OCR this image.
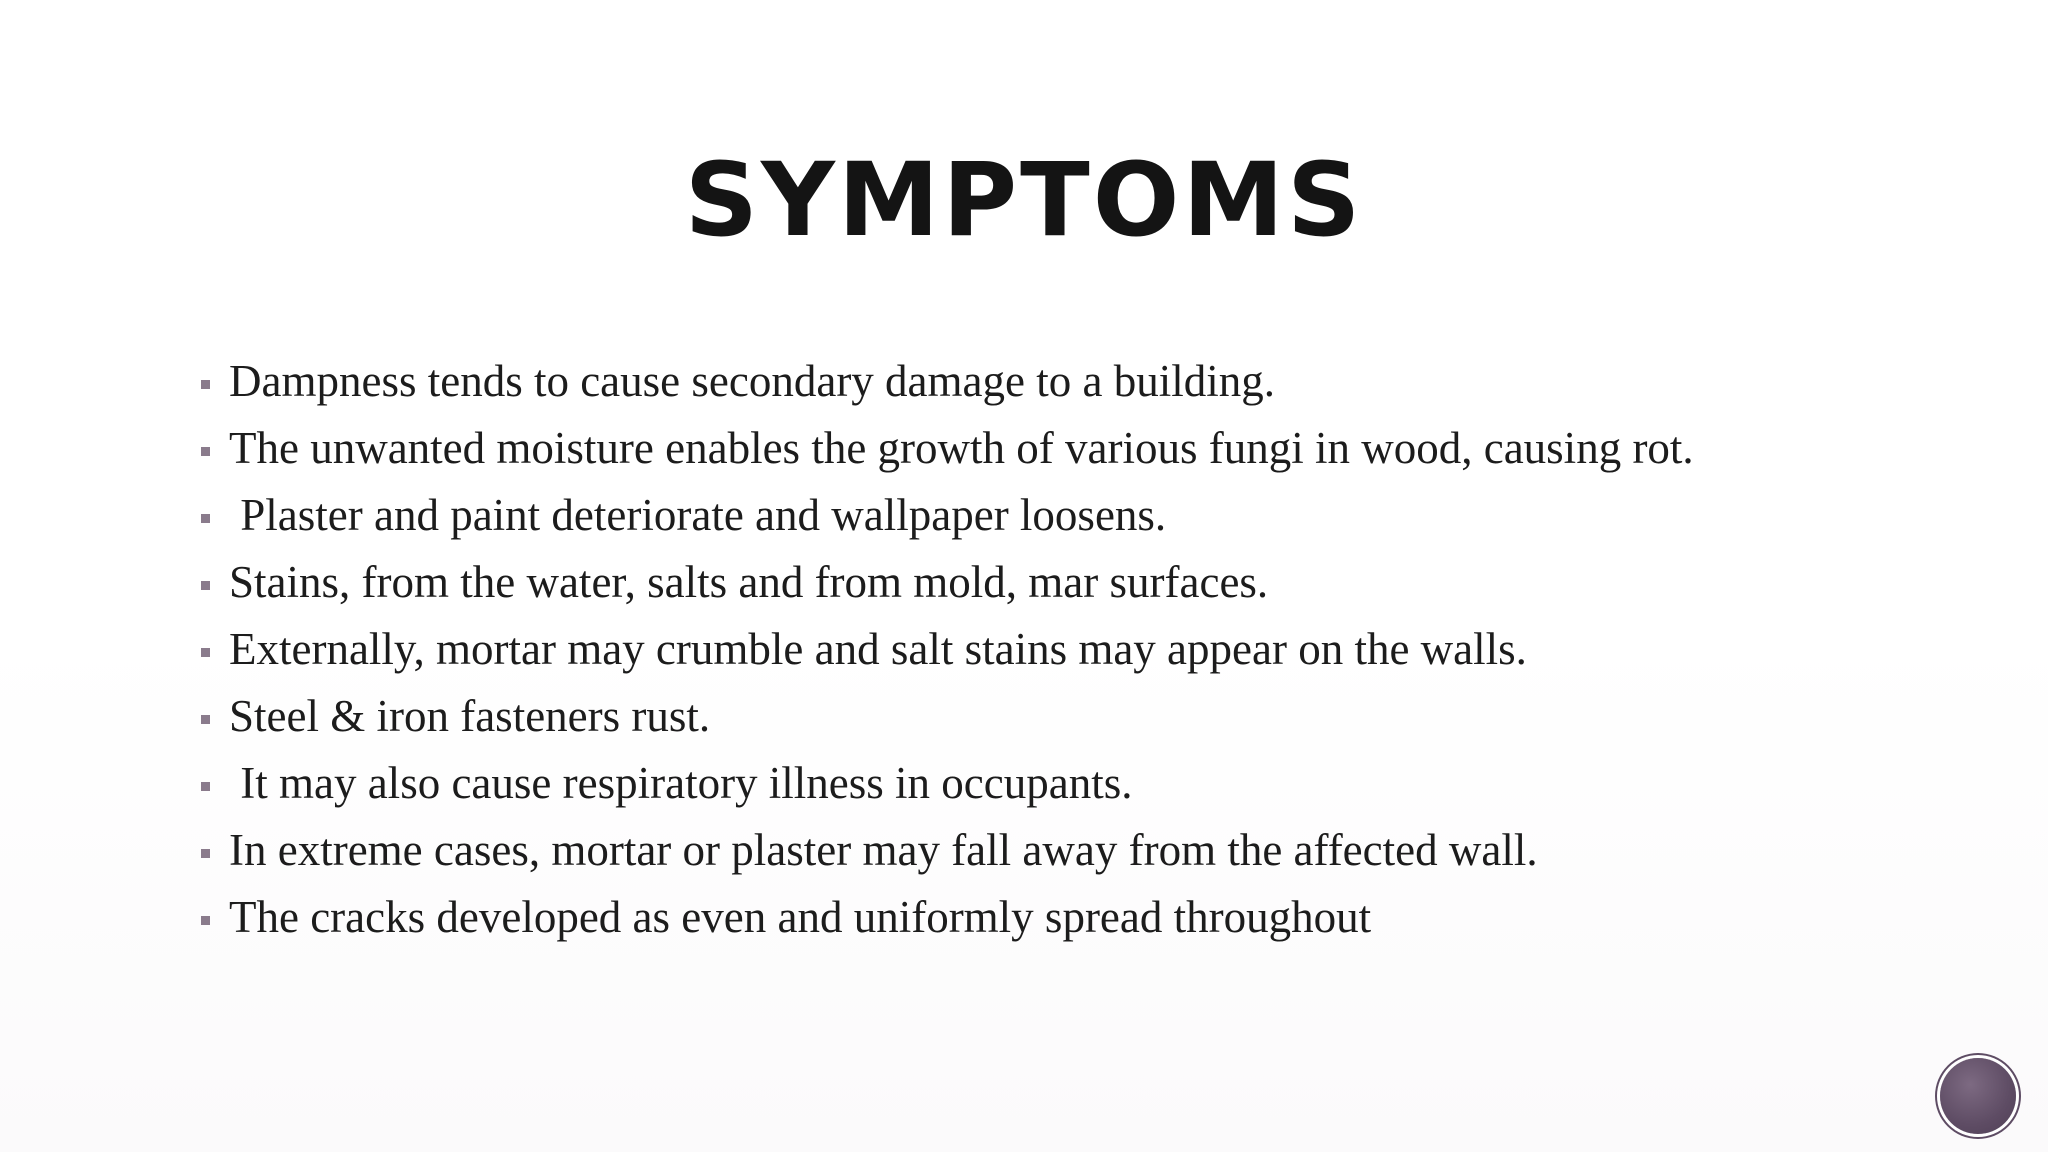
SYMPTOMS
Dampness tends to cause secondary damage to a building.
The unwanted moisture enables the growth of various fungi in wood, causing rot.
Plaster and paint deteriorate and wallpaper loosens.
Stains, from the water, salts and from mold, mar surfaces.
Externally, mortar may crumble and salt stains may appear on the walls.
Steel & iron fasteners rust.
It may also cause respiratory illness in occupants.
In extreme cases, mortar or plaster may fall away from the affected wall.
The cracks developed as even and uniformly spread throughout
